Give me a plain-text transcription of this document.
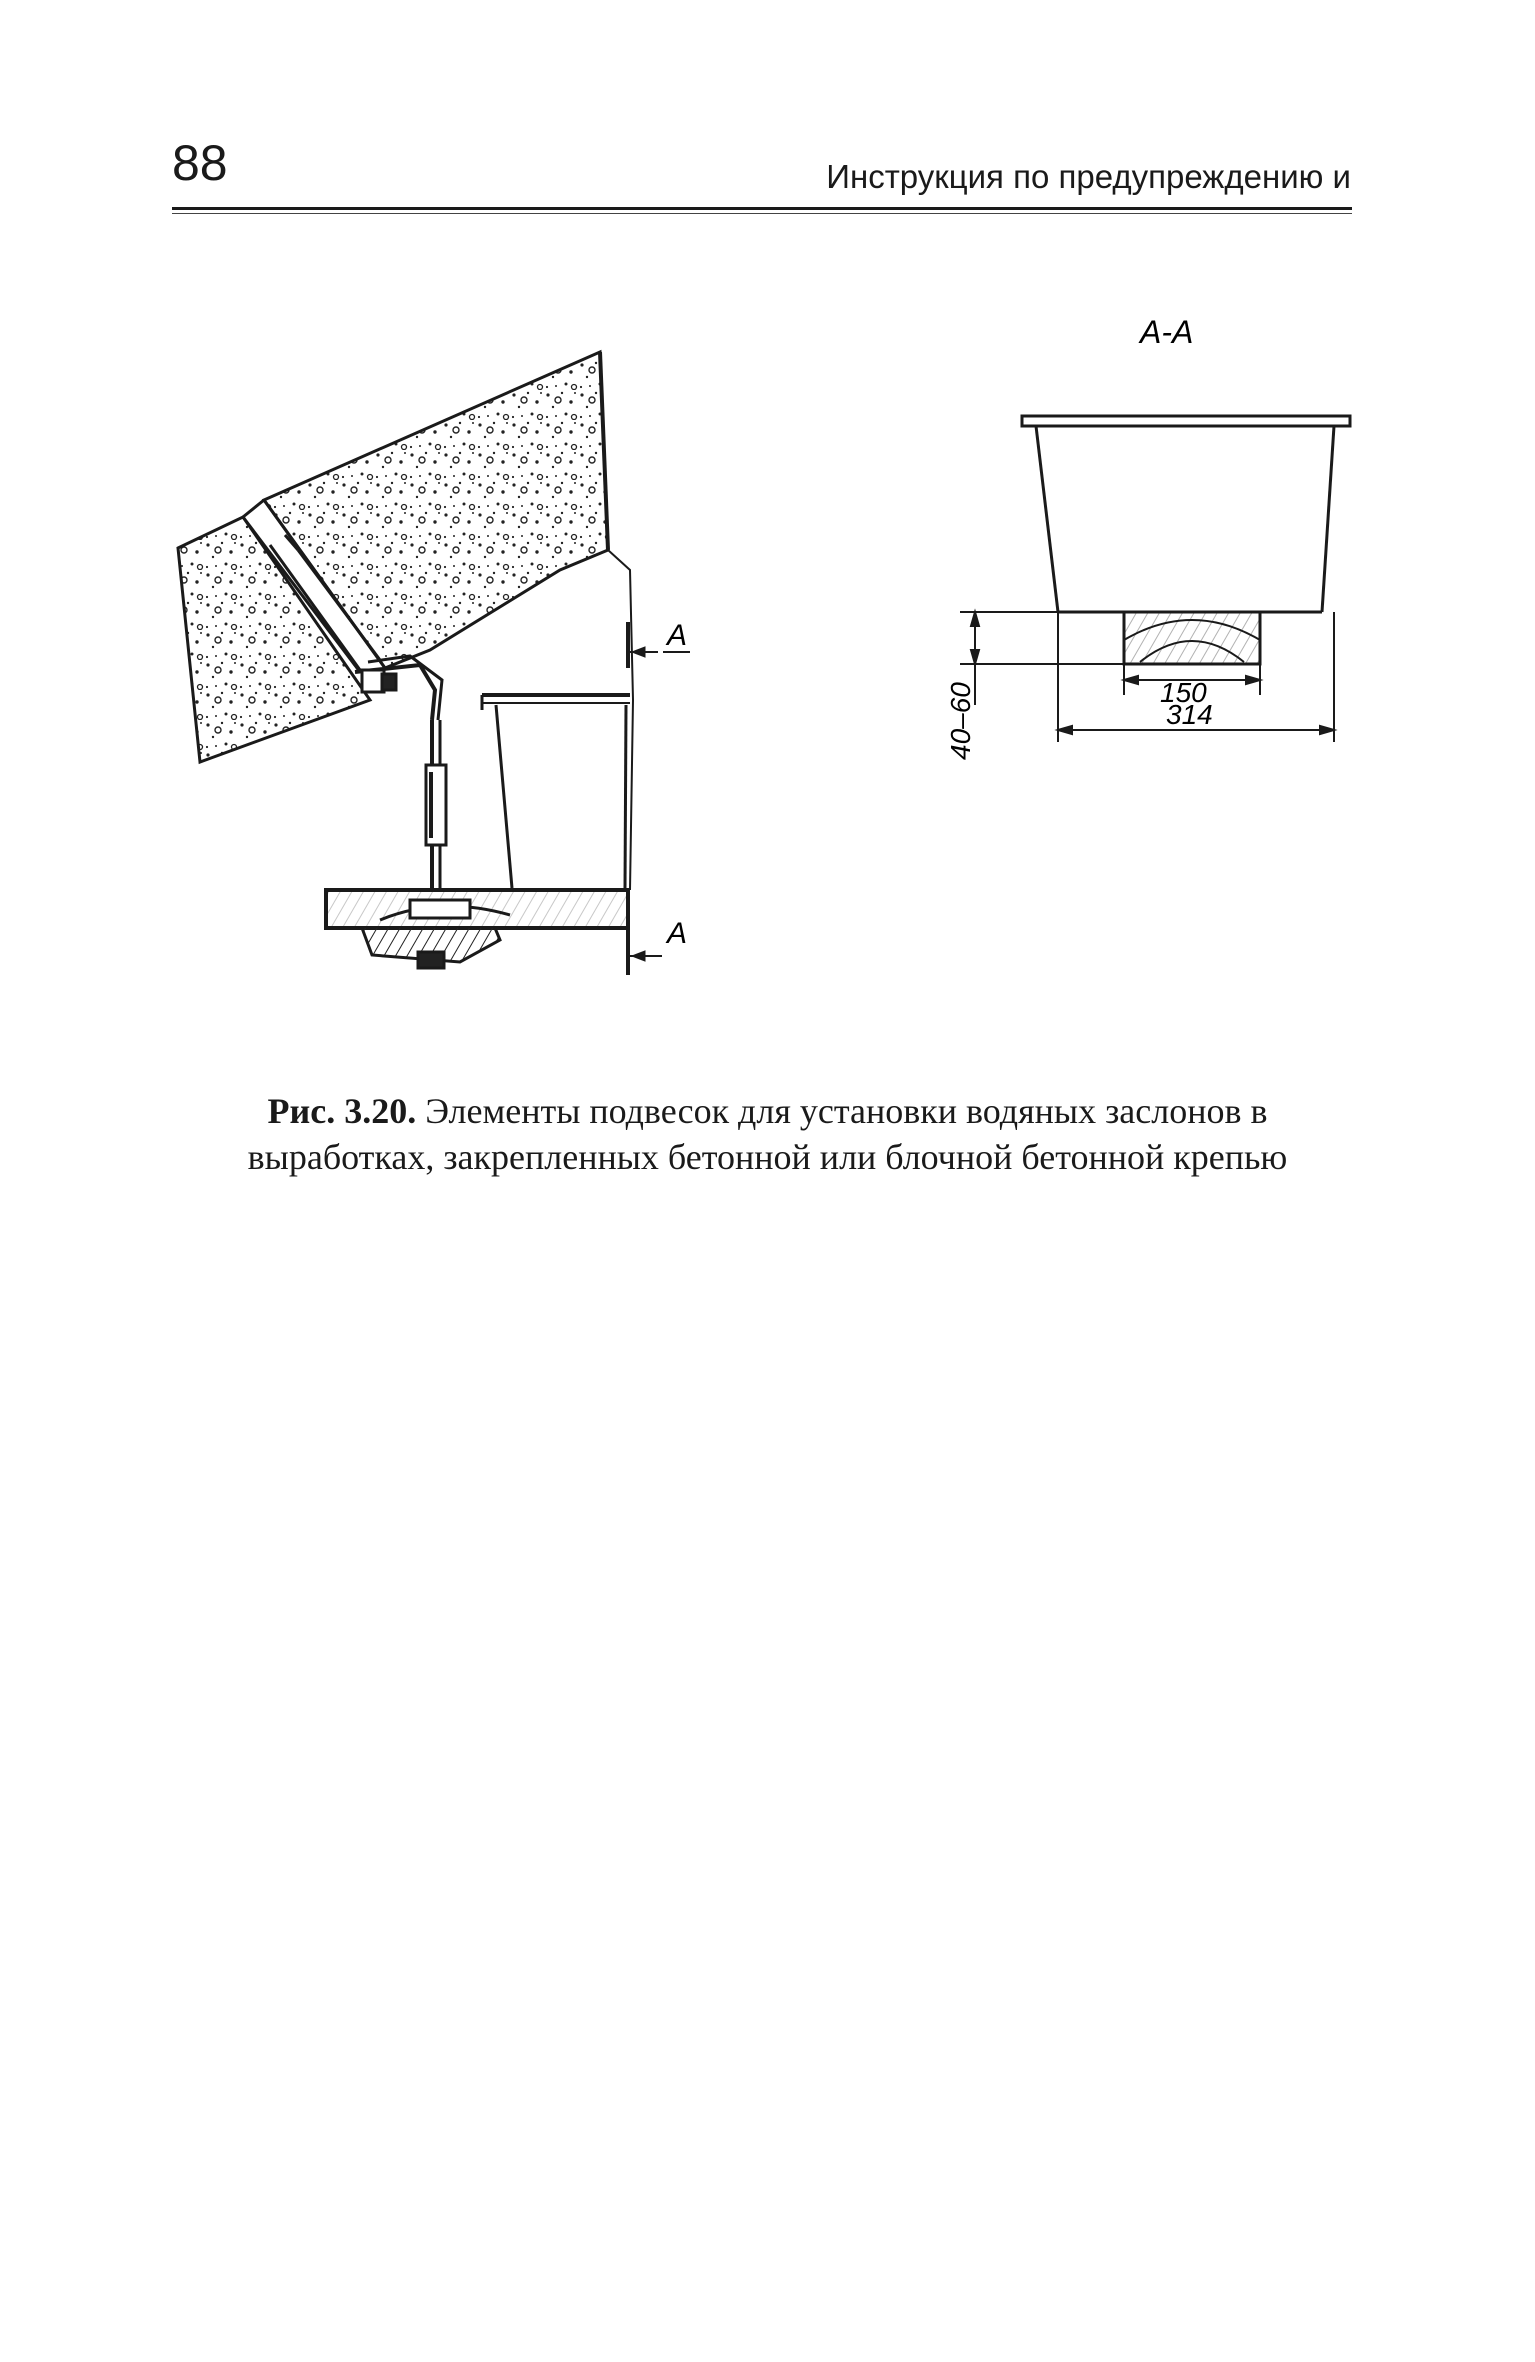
88	Инструкция по предупреждению и
A
A
A-A
150
314
40–60
Рис. 3.20. Элементы подвесок для установки водяных заслонов в выработках, закрепленных бетонной или блочной бетонной крепью
